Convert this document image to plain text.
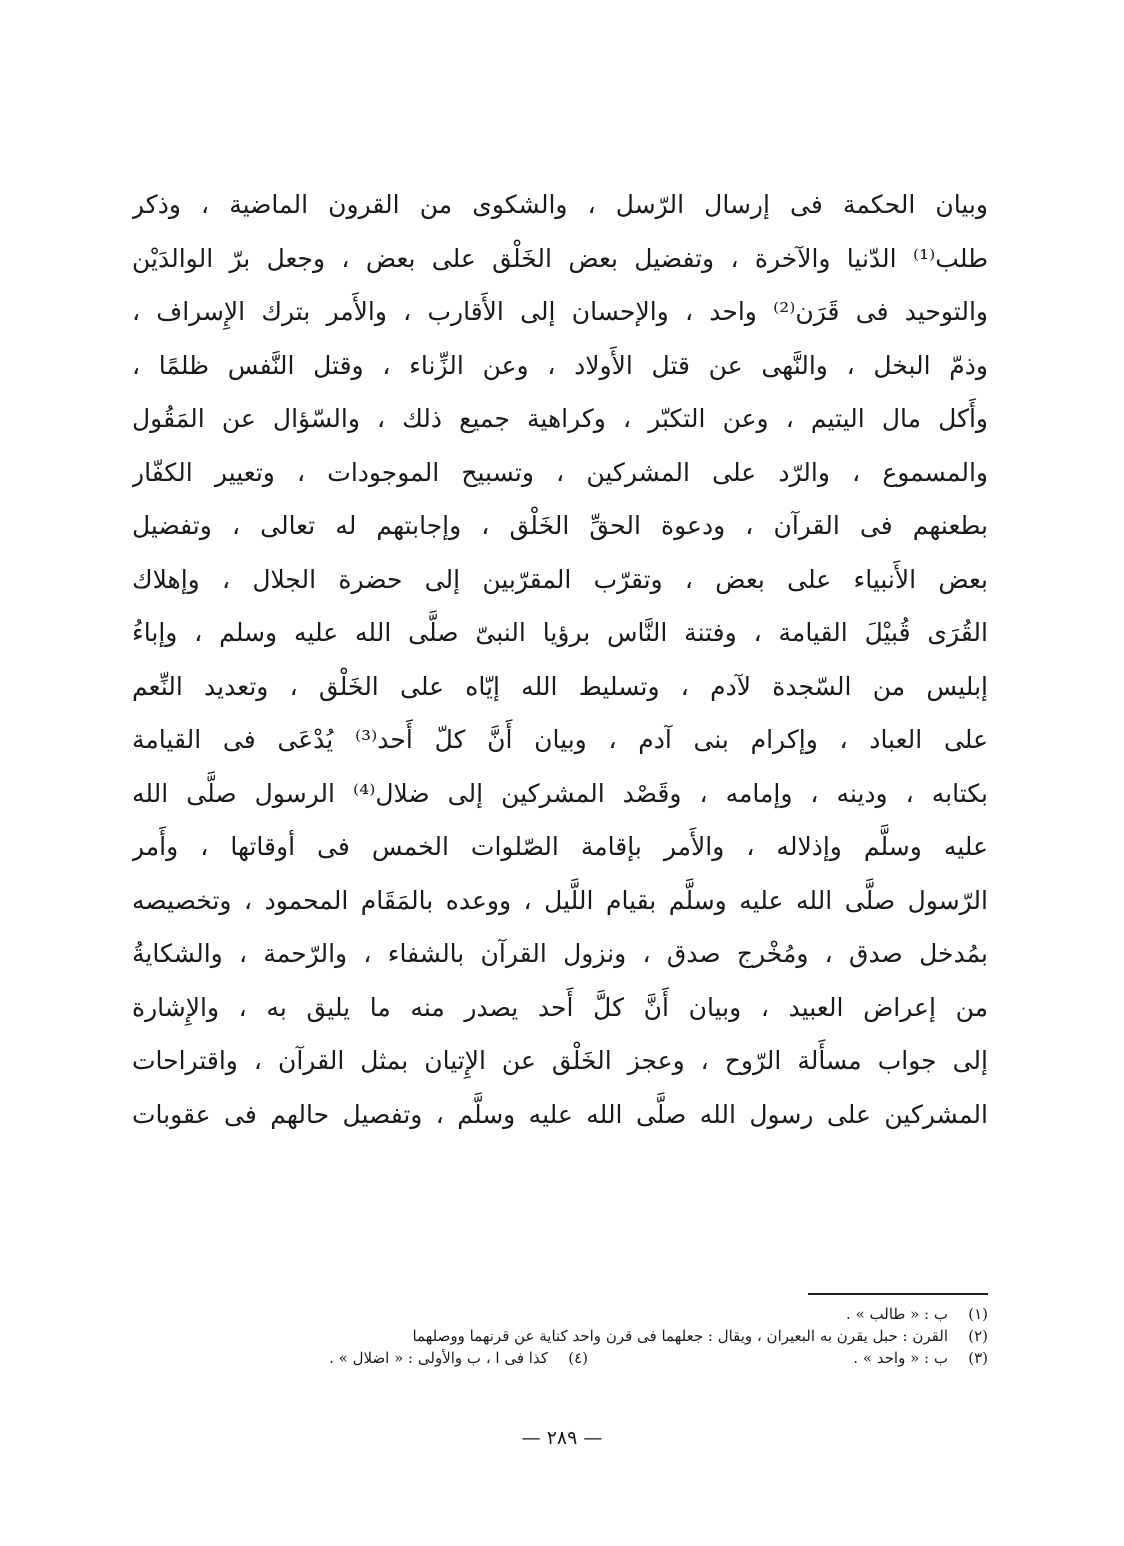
وبيان الحكمة فى إرسال الرّسل ، والشكوى من القرون الماضية ، وذكر
طلب⁽¹⁾ الدّنيا والآخرة ، وتفضيل بعض الخَلْق على بعض ، وجعل برّ الوالدَيْن
والتوحيد فى قَرَن⁽²⁾ واحد ، والإحسان إلى الأَقارب ، والأَمر بترك الإِسراف ،
وذمّ البخل ، والنَّهى عن قتل الأَولاد ، وعن الزِّناء ، وقتل النَّفس ظلمًا ،
وأَكل مال اليتيم ، وعن التكبّر ، وكراهية جميع ذلك ، والسّؤال عن المَقُول
والمسموع ، والرّد على المشركين ، وتسبيح الموجودات ، وتعيير الكفّار
بطعنهم فى القرآن ، ودعوة الحقِّ الخَلْق ، وإجابتهم له تعالى ، وتفضيل
بعض الأَنبياء على بعض ، وتقرّب المقرّبين إلى حضرة الجلال ، وإهلاك
القُرَى قُبيْلَ القيامة ، وفتنة النَّاس برؤيا النبىّ صلَّى الله عليه وسلم ، وإباءُ
إبليس من السّجدة لآدم ، وتسليط الله إيّاه على الخَلْق ، وتعديد النِّعم
على العباد ، وإكرام بنى آدم ، وبيان أَنَّ كلّ أَحد⁽³⁾ يُدْعَى فى القيامة
بكتابه ، ودينه ، وإمامه ، وقَصْد المشركين إلى ضلال⁽⁴⁾ الرسول صلَّى الله
عليه وسلَّم وإذلاله ، والأَمر بإقامة الصّلوات الخمس فى أوقاتها ، وأَمر
الرّسول صلَّى الله عليه وسلَّم بقيام اللَّيل ، ووعده بالمَقَام المحمود ، وتخصيصه
بمُدخل صدق ، ومُخْرج صدق ، ونزول القرآن بالشفاء ، والرّحمة ، والشكايةُ
من إعراض العبيد ، وبيان أَنَّ كلَّ أَحد يصدر منه ما يليق به ، والإِشارة
إلى جواب مسأَلة الرّوح ، وعجز الخَلْق عن الإِتيان بمثل القرآن ، واقتراحات
المشركين على رسول الله صلَّى الله عليه وسلَّم ، وتفصيل حالهم فى عقوبات
(١)
ب : « طالب » .
(٢)
القرن : حبل يقرن به البعيران ، ويقال : جعلهما فى قرن واحد كناية عن قرنهما ووصلهما
(٣)
ب : « واحد » .
(٤)
كذا فى ا ، ب والأولى : « اضلال » .
— ٢٨٩ —
